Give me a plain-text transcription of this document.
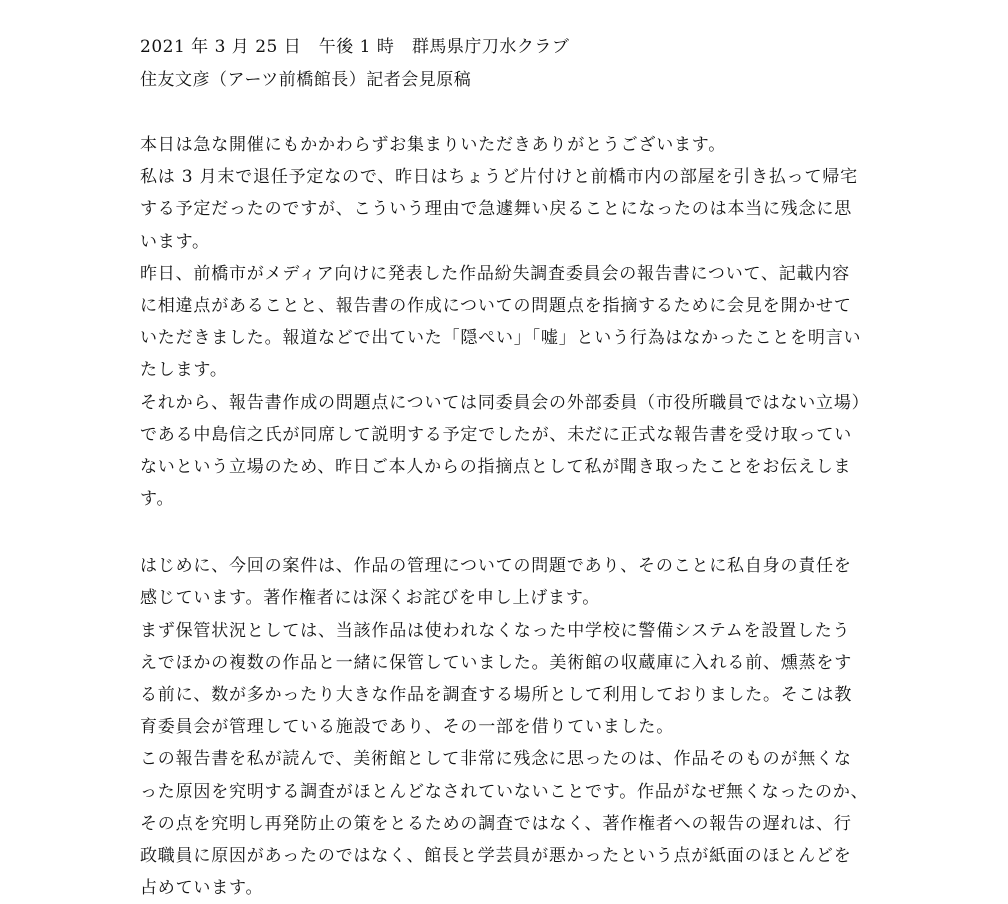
2021 年 3 月 25 日　午後 1 時　群馬県庁刀水クラブ
住友文彦（アーツ前橋館長）記者会見原稿
本日は急な開催にもかかわらずお集まりいただきありがとうございます。
私は 3 月末で退任予定なので、昨日はちょうど片付けと前橋市内の部屋を引き払って帰宅
する予定だったのですが、こういう理由で急遽舞い戻ることになったのは本当に残念に思
います。
昨日、前橋市がメディア向けに発表した作品紛失調査委員会の報告書について、記載内容
に相違点があることと、報告書の作成についての問題点を指摘するために会見を開かせて
いただきました。報道などで出ていた「隠ぺい」「嘘」という行為はなかったことを明言い
たします。
それから、報告書作成の問題点については同委員会の外部委員（市役所職員ではない立場）
である中島信之氏が同席して説明する予定でしたが、未だに正式な報告書を受け取ってい
ないという立場のため、昨日ご本人からの指摘点として私が聞き取ったことをお伝えしま
す。
はじめに、今回の案件は、作品の管理についての問題であり、そのことに私自身の責任を
感じています。著作権者には深くお詫びを申し上げます。
まず保管状況としては、当該作品は使われなくなった中学校に警備システムを設置したう
えでほかの複数の作品と一緒に保管していました。美術館の収蔵庫に入れる前、燻蒸をす
る前に、数が多かったり大きな作品を調査する場所として利用しておりました。そこは教
育委員会が管理している施設であり、その一部を借りていました。
この報告書を私が読んで、美術館として非常に残念に思ったのは、作品そのものが無くな
った原因を究明する調査がほとんどなされていないことです。作品がなぜ無くなったのか、
その点を究明し再発防止の策をとるための調査ではなく、著作権者への報告の遅れは、行
政職員に原因があったのではなく、館長と学芸員が悪かったという点が紙面のほとんどを
占めています。
